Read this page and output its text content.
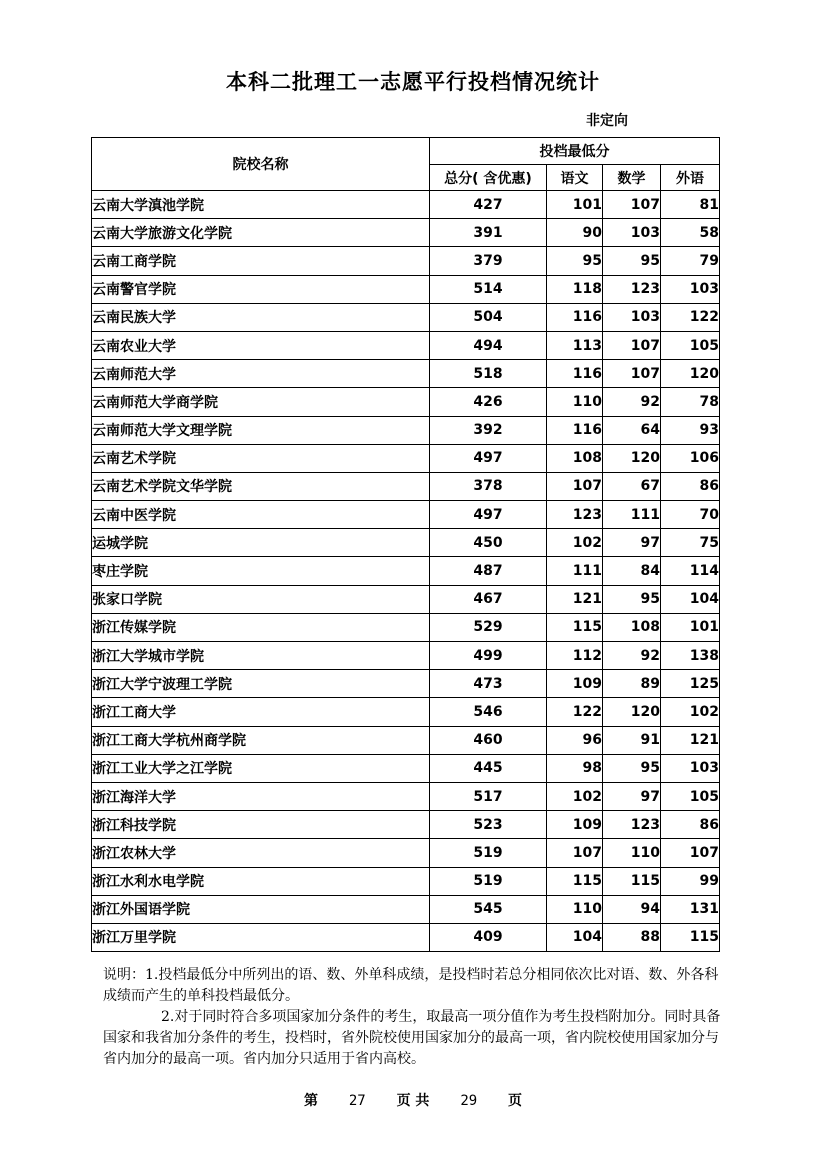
本科二批理工一志愿平行投档情况统计
非定向
院校名称	投档最低分			
	总分( 含优惠)	语文	数学	外语
云南大学滇池学院	427	101	107	81
云南大学旅游文化学院	391	90	103	58
云南工商学院	379	95	95	79
云南警官学院	514	118	123	103
云南民族大学	504	116	103	122
云南农业大学	494	113	107	105
云南师范大学	518	116	107	120
云南师范大学商学院	426	110	92	78
云南师范大学文理学院	392	116	64	93
云南艺术学院	497	108	120	106
云南艺术学院文华学院	378	107	67	86
云南中医学院	497	123	111	70
运城学院	450	102	97	75
枣庄学院	487	111	84	114
张家口学院	467	121	95	104
浙江传媒学院	529	115	108	101
浙江大学城市学院	499	112	92	138
浙江大学宁波理工学院	473	109	89	125
浙江工商大学	546	122	120	102
浙江工商大学杭州商学院	460	96	91	121
浙江工业大学之江学院	445	98	95	103
浙江海洋大学	517	102	97	105
浙江科技学院	523	109	123	86
浙江农林大学	519	107	110	107
浙江水利水电学院	519	115	115	99
浙江外国语学院	545	110	94	131
浙江万里学院	409	104	88	115

说明：1.投档最低分中所列出的语、数、外单科成绩，是投档时若总分相同依次比对语、数、外各科成绩而产生的单科投档最低分。

2.对于同时符合多项国家加分条件的考生，取最高一项分值作为考生投档附加分。同时具备国家和我省加分条件的考生，投档时，省外院校使用国家加分的最高一项，省内院校使用国家加分与省内加分的最高一项。省内加分只适用于省内高校。

第 27 页 共 29 页
